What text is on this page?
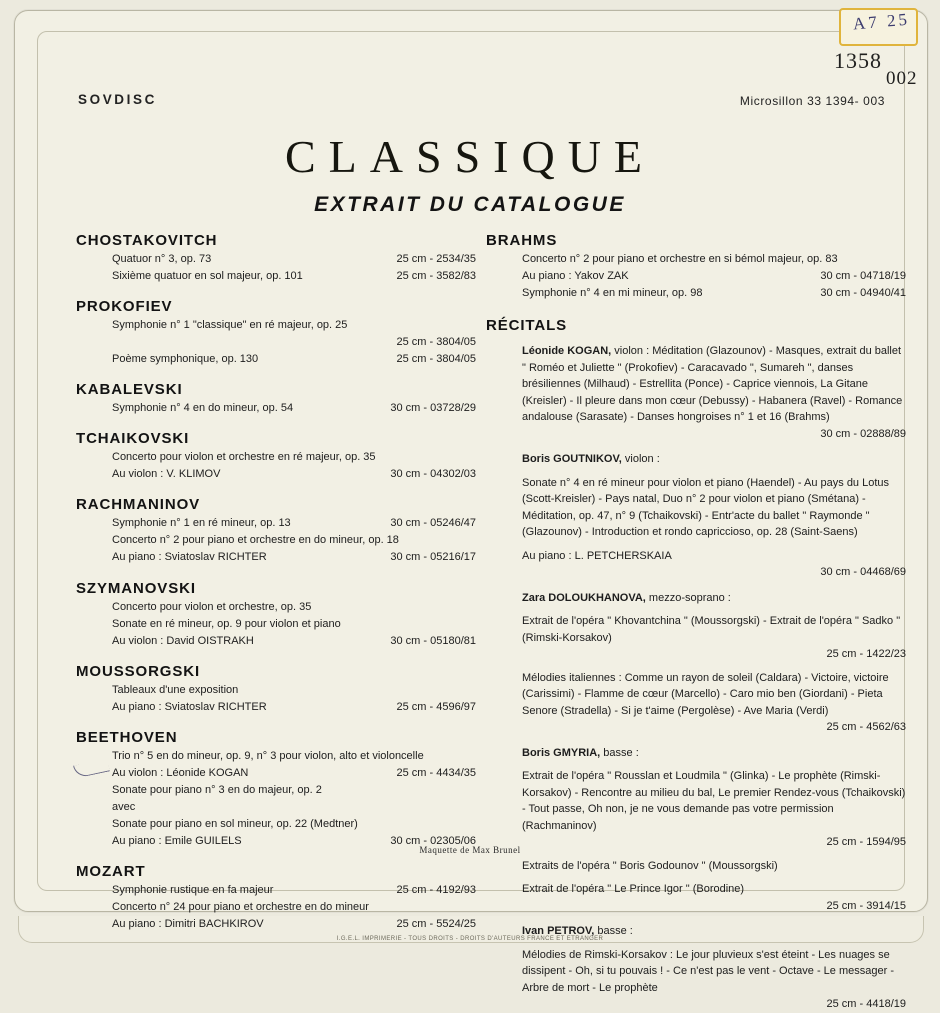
A7 25
1358
002
SOVDISC	Microsillon 33 1394- 003
CLASSIQUE
EXTRAIT DU CATALOGUE
CHOSTAKOVITCH
Quatuor n° 3, op. 73	25 cm - 2534/35
Sixième quatuor en sol majeur, op. 101	25 cm - 3582/83
PROKOFIEV
Symphonie n° 1 "classique" en ré majeur, op. 25
25 cm - 3804/05
Poème symphonique, op. 130	25 cm - 3804/05
KABALEVSKI
Symphonie n° 4 en do mineur, op. 54	30 cm - 03728/29
TCHAIKOVSKI
Concerto pour violon et orchestre en ré majeur, op. 35
Au violon : V. KLIMOV	30 cm - 04302/03
RACHMANINOV
Symphonie n° 1 en ré mineur, op. 13	30 cm - 05246/47
Concerto n° 2 pour piano et orchestre en do mineur, op. 18
Au piano : Sviatoslav RICHTER	30 cm - 05216/17
SZYMANOVSKI
Concerto pour violon et orchestre, op. 35
Sonate en ré mineur, op. 9 pour violon et piano
Au violon : David OISTRAKH	30 cm - 05180/81
MOUSSORGSKI
Tableaux d'une exposition
Au piano : Sviatoslav RICHTER	25 cm - 4596/97
BEETHOVEN
Trio n° 5 en do mineur, op. 9, n° 3 pour violon, alto et violoncelle
Au violon : Léonide KOGAN	25 cm - 4434/35
Sonate pour piano n° 3 en do majeur, op. 2
avec
Sonate pour piano en sol mineur, op. 22 (Medtner)
Au piano : Emile GUILELS	30 cm - 02305/06
MOZART
Symphonie rustique en fa majeur	25 cm - 4192/93
Concerto n° 24 pour piano et orchestre en do mineur
Au piano : Dimitri BACHKIROV	25 cm - 5524/25
BRAHMS
Concerto n° 2 pour piano et orchestre en si bémol majeur, op. 83
Au piano : Yakov ZAK	30 cm - 04718/19
Symphonie n° 4 en mi mineur, op. 98	30 cm - 04940/41
RÉCITALS
Léonide KOGAN, violon : Méditation (Glazounov) - Masques, extrait du ballet " Roméo et Juliette " (Prokofiev) - Caracavado ", Sumareh ", danses brésiliennes (Milhaud) - Estrellita (Ponce) - Caprice viennois, La Gitane (Kreisler) - Il pleure dans mon cœur (Debussy) - Habanera (Ravel) - Romance andalouse (Sarasate) - Danses hongroises n° 1 et 16 (Brahms)
30 cm - 02888/89
Boris GOUTNIKOV, violon :
Sonate n° 4 en ré mineur pour violon et piano (Haendel) - Au pays du Lotus (Scott-Kreisler) - Pays natal, Duo n° 2 pour violon et piano (Smétana) - Méditation, op. 47, n° 9 (Tchaikovski) - Entr'acte du ballet " Raymonde " (Glazounov) - Introduction et rondo capriccioso, op. 28 (Saint-Saens)
Au piano : L. PETCHERSKAIA
30 cm - 04468/69
Zara DOLOUKHANOVA, mezzo-soprano :
Extrait de l'opéra " Khovantchina " (Moussorgski) - Extrait de l'opéra " Sadko " (Rimski-Korsakov)
25 cm - 1422/23
Mélodies italiennes : Comme un rayon de soleil (Caldara) - Victoire, victoire (Carissimi) - Flamme de cœur (Marcello) - Caro mio ben (Giordani) - Pieta Senore (Stradella) - Si je t'aime (Pergolèse) - Ave Maria (Verdi)
25 cm - 4562/63
Boris GMYRIA, basse :
Extrait de l'opéra " Rousslan et Loudmila " (Glinka) - Le prophète (Rimski-Korsakov) - Rencontre au milieu du bal, Le premier Rendez-vous (Tchaikovski) - Tout passe, Oh non, je ne vous demande pas votre permission (Rachmaninov)
25 cm - 1594/95
Extraits de l'opéra " Boris Godounov " (Moussorgski)
Extrait de l'opéra " Le Prince Igor " (Borodine)
25 cm - 3914/15
Ivan PETROV, basse :
Mélodies de Rimski-Korsakov : Le jour pluvieux s'est éteint - Les nuages se dissipent - Oh, si tu pouvais ! - Ce n'est pas le vent - Octave - Le messager - Arbre de mort - Le prophète
25 cm - 4418/19
Maquette de Max Brunel
I.G.E.L. IMPRIMERIE - TOUS DROITS - DROITS D'AUTEURS FRANCE ET ETRANGER
